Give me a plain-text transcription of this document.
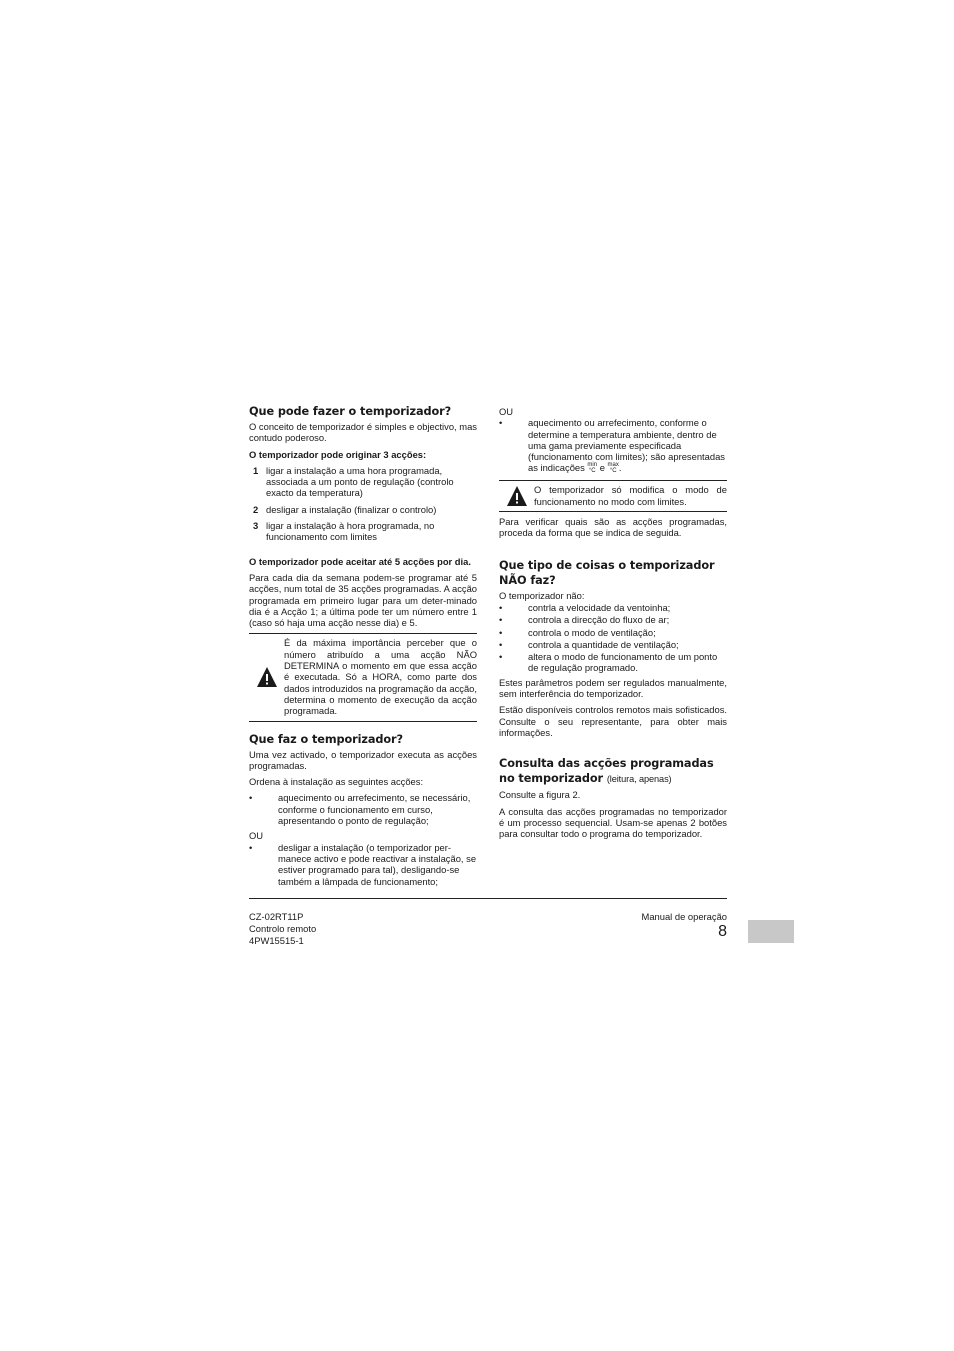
Que pode fazer o temporizador?

O conceito de temporizador é simples e objectivo, mas contudo poderoso.

O temporizador pode originar 3 acções:

1 ligar a instalação a uma hora programada, associada a um ponto de regulação (controlo exacto da temperatura)
2 desligar a instalação (finalizar o controlo)
3 ligar a instalação à hora programada, no funcionamento com limites

O temporizador pode aceitar até 5 acções por dia.

Para cada dia da semana podem-se programar até 5 acções, num total de 35 acções programadas. A acção programada em primeiro lugar para um deter-minado dia é a Acção 1; a última pode ter um número entre 1 (caso só haja uma acção nesse dia) e 5.

É da máxima importância perceber que o número atribuído a uma acção NÃO DETERMINA o momento em que essa acção é executada. Só a HORA, como parte dos dados introduzidos na programação da acção, determina o momento de execução da acção programada.
Que faz o temporizador?

Uma vez activado, o temporizador executa as acções programadas.

Ordena à instalação as seguintes acções:

•	aquecimento ou arrefecimento, se necessário, conforme o funcionamento em curso, apresentando o ponto de regulação;
OU
•	desligar a instalação (o temporizador per-manece activo e pode reactivar a instalação, se estiver programado para tal), desligando-se também a lâmpada de funcionamento;
OU
•	aquecimento ou arrefecimento, conforme o determine a temperatura ambiente, dentro de uma gama previamente especificada (funcionamento com limites); são apresentadas as indicações min
°C e max
°C .
O temporizador só modifica o modo de funcionamento no modo com limites.

Para verificar quais são as acções programadas, proceda da forma que se indica de seguida.

Que tipo de coisas o temporizador NÃO faz?

O temporizador não:

•	contrla a velocidade da ventoinha;
•	controla a direcção do fluxo de ar;
•	controla o modo de ventilação;
•	controla a quantidade de ventilação;
•	altera o modo de funcionamento de um ponto de regulação programado.

Estes parâmetros podem ser regulados manualmente, sem interferência do temporizador.

Estão disponíveis controlos remotos mais sofisticados. Consulte o seu representante, para obter mais informações.

Consulta das acções programadas no temporizador (leitura, apenas)

Consulte a figura 2.

A consulta das acções programadas no temporizador é um processo sequencial. Usam-se apenas 2 botões para consultar todo o programa do temporizador.

CZ-02RT11P
Controlo remoto
4PW15515-1
Manual de operação
8
